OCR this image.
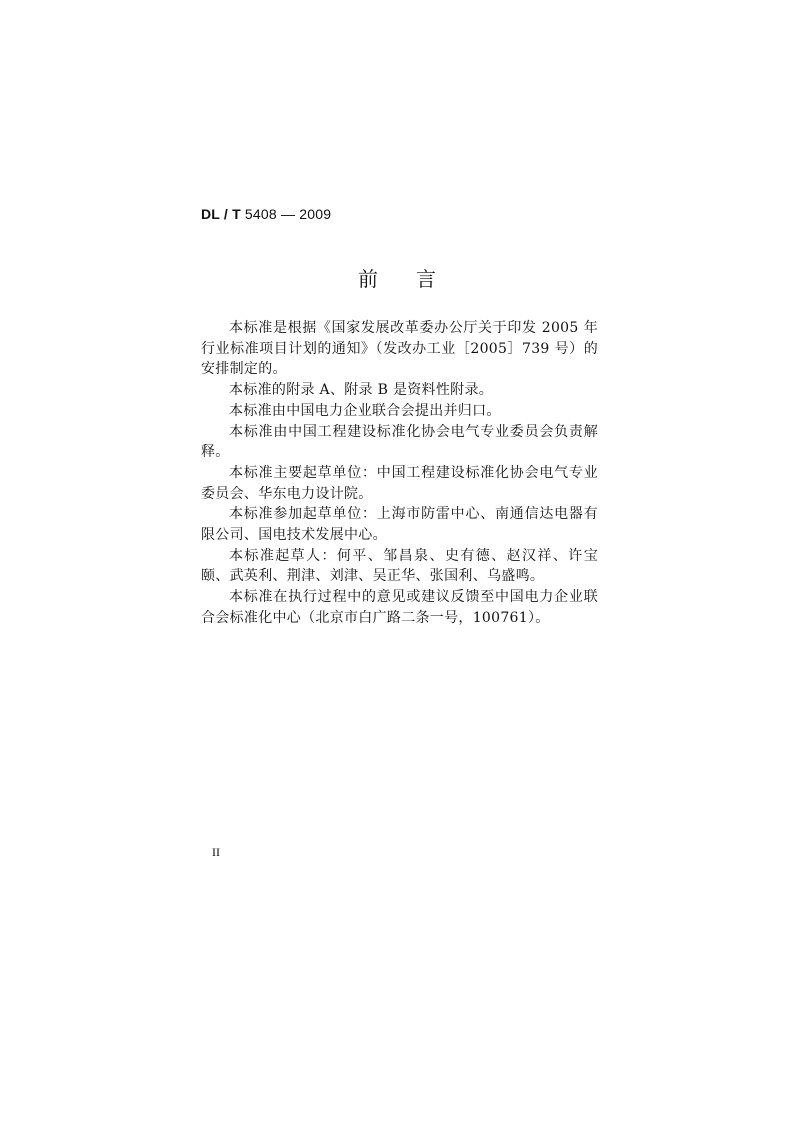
DL / T 5408 — 2009
前言

本标准是根据《国家发展改革委办公厅关于印发 2005 年行业标准项目计划的通知》（发改办工业［2005］739 号）的安排制定的。

本标准的附录 A、附录 B 是资料性附录。

本标准由中国电力企业联合会提出并归口。

本标准由中国工程建设标准化协会电气专业委员会负责解释。

本标准主要起草单位：中国工程建设标准化协会电气专业委员会、华东电力设计院。

本标准参加起草单位：上海市防雷中心、南通信达电器有限公司、国电技术发展中心。

本标准起草人：何平、邹昌泉、史有德、赵汉祥、许宝颐、武英利、荆津、刘津、吴正华、张国利、乌盛鸣。

本标准在执行过程中的意见或建议反馈至中国电力企业联合会标准化中心（北京市白广路二条一号，100761）。

II
